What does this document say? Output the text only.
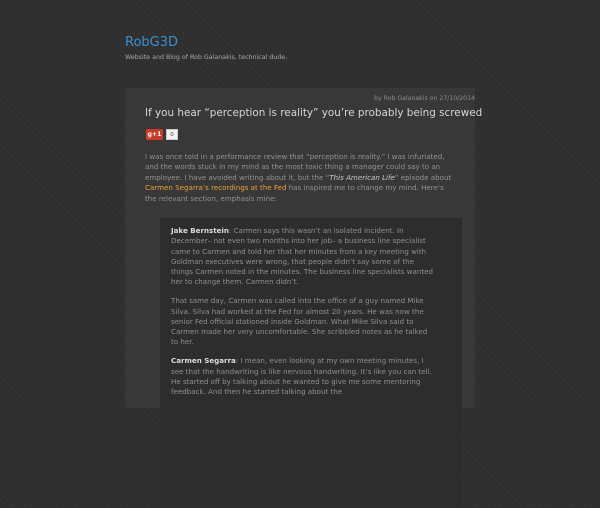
RobG3D
Website and Blog of Rob Galanakis, technical dude.
by Rob Galanakis on 27/10/2014
If you hear “perception is reality” you’re probably being screwed
g+1	0
I was once told in a performance review that “perception is reality.” I was infuriated, and the words stuck in my mind as the most toxic thing a manager could say to an employee. I have avoided writing about it, but the “This American Life” episode about Carmen Segarra’s recordings at the Fed has inspired me to change my mind. Here’s the relevant section, emphasis mine:

Jake Bernstein: Carmen says this wasn’t an isolated incident. In December– not even two months into her job– a business line specialist came to Carmen and told her that her minutes from a key meeting with Goldman executives were wrong, that people didn’t say some of the things Carmen noted in the minutes. The business line specialists wanted her to change them. Carmen didn’t.

That same day, Carmen was called into the office of a guy named Mike Silva. Silva had worked at the Fed for almost 20 years. He was now the senior Fed official stationed inside Goldman. What Mike Silva said to Carmen made her very uncomfortable. She scribbled notes as he talked to her.

Carmen Segarra: I mean, even looking at my own meeting minutes, I see that the handwriting is like nervous handwriting. It’s like you can tell. He started off by talking about he wanted to give me some mentoring feedback. And then he started talking about the
